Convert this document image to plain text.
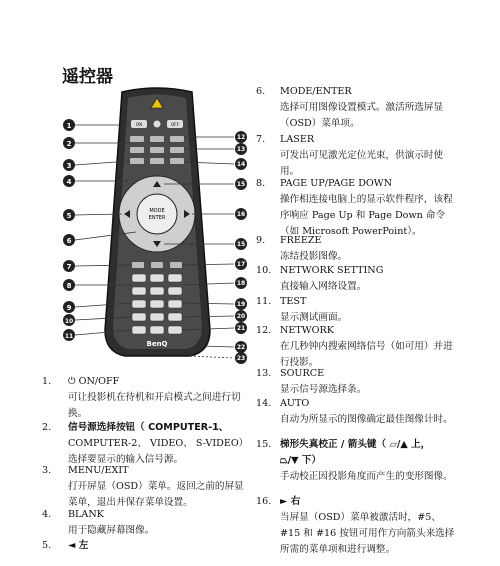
遥控器
ON	OFF
MODE
ENTER
BenQ
1
2
3
4
5
6
7
8
9
10
11
12
13
14
15
16
15
17
18
19
20
21
22
23
1.	⏻ ON/OFF
可让投影机在待机和开启模式之间进行切换。
2.	信号源选择按钮（ COMPUTER-1、
COMPUTER-2、 VIDEO、 S-VIDEO）
选择要显示的输入信号源。
3.	MENU/EXIT
打开屏显（OSD）菜单。返回之前的屏显菜单，退出并保存菜单设置。
4.	BLANK
用于隐藏屏幕图像。
5.	◄ 左
6.	MODE/ENTER
选择可用图像设置模式。激活所选屏显（OSD）菜单项。
7.	LASER
可发出可见激光定位光束，供演示时使用。
8.	PAGE UP/PAGE DOWN
操作相连接电脑上的显示软件程序，该程序响应 Page Up 和 Page Down 命令（如 Microsoft PowerPoint）。
9.	FREEZE
冻结投影图像。
10. NETWORK SETTING
直接输入网络设置。
11. TEST
显示测试画面。
12. NETWORK
在几秒钟内搜索网络信号（如可用）并进行投影。
13. SOURCE
显示信号源选择条。
14. AUTO
自动为所显示的图像确定最佳图像计时。
15. 梯形失真校正 / 箭头键（ ▱/▲ 上，
⏢/▼ 下）
手动校正因投影角度而产生的变形图像。
16. ► 右
当屏显（OSD）菜单被激活时，#5、#15 和 #16 按钮可用作方向箭头来选择所需的菜单项和进行调整。
